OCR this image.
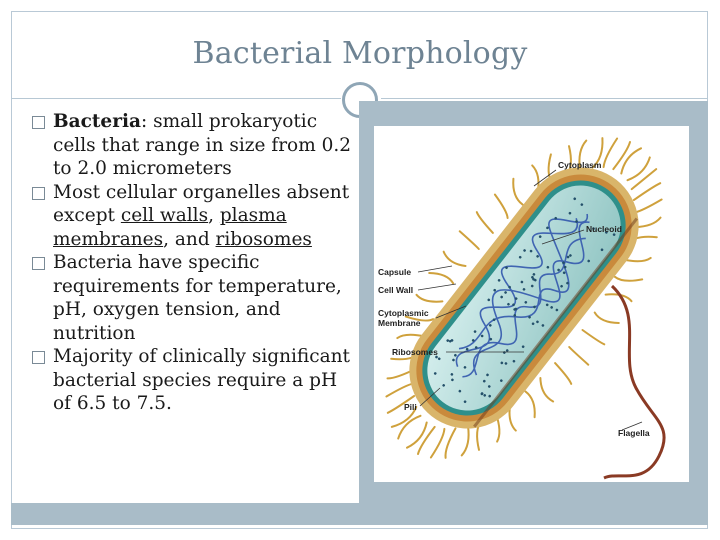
Bacterial Morphology

Bacteria: small prokaryotic cells that range in size from 0.2 to 2.0 micrometers

Most cellular organelles absent except cell walls, plasma membranes, and ribosomes

Bacteria have specific requirements for temperature, pH, oxygen tension, and nutrition

Majority of clinically significant bacterial species require a pH of 6.5 to 7.5.

Cytoplasm
Nucleoid
Capsule
Cell Wall
Cytoplasmic
Membrane
Ribosomes
Pili
Flagella
